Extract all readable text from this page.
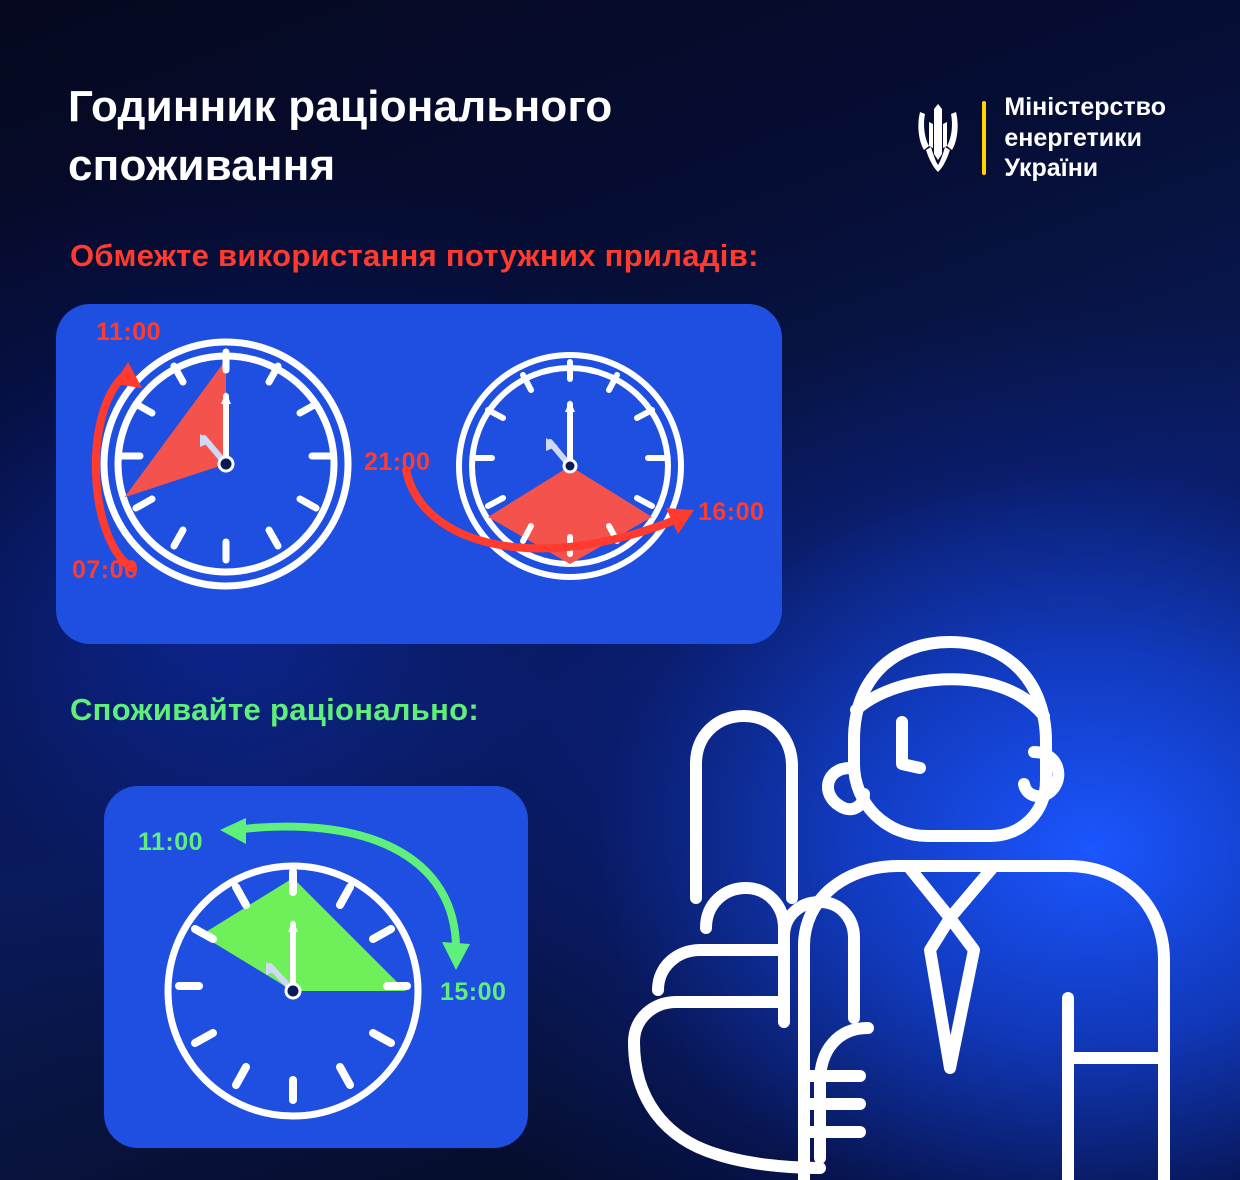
Годинник раціонального споживання
Міністерство
енергетики
України
Обмежте використання потужних приладів:
11:00
07:00
21:00
16:00
Споживайте раціонально:
11:00
15:00
